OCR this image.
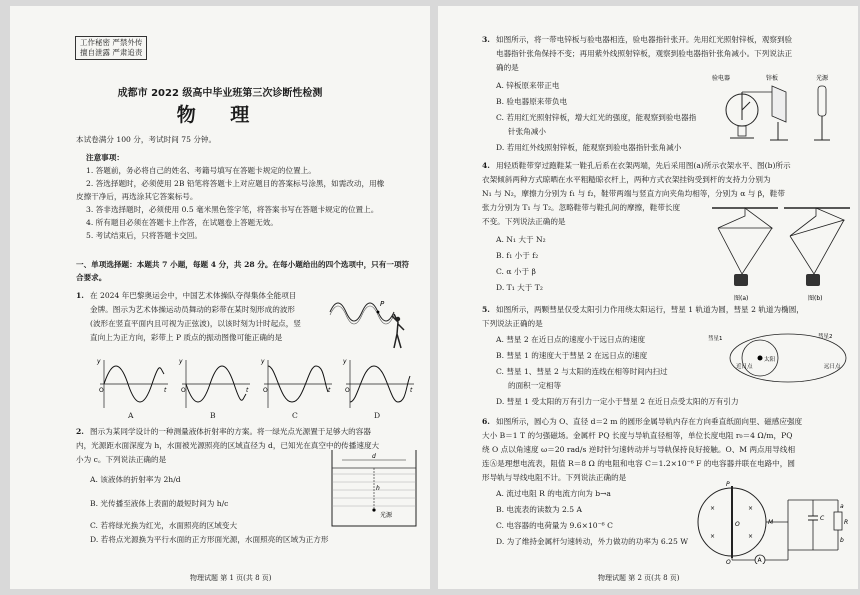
工作秘密 严禁外传
擅自泄露 严肃追责
成都市 2022 级高中毕业班第三次诊断性检测
物 理
本试卷满分 100 分，考试时间 75 分钟。
注意事项：
1. 答题前，务必将自己的姓名、考籍号填写在答题卡规定的位置上。
2. 答选择题时，必须使用 2B 铅笔将答题卡上对应题目的答案标号涂黑，如需改动，用橡
皮擦干净后，再选涂其它答案标号。
3. 答非选择题时，必须使用 0.5 毫米黑色签字笔，将答案书写在答题卡规定的位置上。
4. 所有题目必须在答题卡上作答，在试题卷上答题无效。
5. 考试结束后，只将答题卡交回。
一、单项选择题：本题共 7 小题，每题 4 分，共 28 分。在每小题给出的四个选项中，只有一项符
合要求。
1. 在 2024 年巴黎奥运会中，中国艺术体操队夺得集体全能项目
金牌。图示为艺术体操运动员舞动的彩带在某时刻形成的波形
(波形在竖直平面内且可视为正弦波)，以该时刻为计时起点，竖
直向上为正方向，彩带上 P 质点的振动图像可能正确的是
P
y
t
O
y
t
O
y
t
O
y
t
O
A	B	C	D
2. 图示为某同学设计的一种测量液体折射率的方案。将一绿光点光源置于足够大的容器
内，光源距水面深度为 h，水面被光源照亮的区域直径为 d，已知光在真空中的传播速度大
小为 c。下列说法正确的是
A. 该液体的折射率为 2h/d
B. 光传播至液体上表面的最短时间为 h/c
C. 若将绿光换为红光，水面照亮的区域变大
D. 若将点光源换为平行水面的正方形面光源，水面照亮的区域为正方形
d
h
光源
物理试题 第 1 页(共 8 页)
3. 如图所示，将一带电锌板与验电器相连，验电器指针张开。先用红光照射锌板，观察到验
电器指针张角保持不变；再用紫外线照射锌板，观察到验电器指针张角减小。下列说法正
确的是
A. 锌板原来带正电
B. 验电器原来带负电
C. 若用红光照射锌板，增大红光的强度，能观察到验电器指
针张角减小
D. 若用红外线照射锌板，能观察到验电器指针张角减小
验电器	锌板	光源
4. 用轻质鞋带穿过跑鞋某一鞋孔后系在衣架两端，先后采用图(a)所示衣架水平、图(b)所示
衣架倾斜两种方式晾晒在水平粗糙晾衣杆上，两种方式衣架挂钩受到杆的支持力分别为
N₁ 与 N₂，摩擦力分别为 f₁ 与 f₂，鞋带两端与竖直方向夹角均相等，分别为 α 与 β，鞋带
张力分别为 T₁ 与 T₂。忽略鞋带与鞋孔间的摩擦，鞋带长度
不变。下列说法正确的是
A. N₁ 大于 N₂
B. f₁ 小于 f₂
C. α 小于 β
D. T₁ 大于 T₂
图(a)	图(b)
5. 如图所示，两颗彗星仅受太阳引力作用绕太阳运行，彗星 1 轨道为圆，彗星 2 轨道为椭圆，
下列说法正确的是
A. 彗星 2 在近日点的速度小于远日点的速度
B. 彗星 1 的速度大于彗星 2 在远日点的速度
C. 彗星 1、彗星 2 与太阳的连线在相等时间内扫过
的面积一定相等
D. 彗星 1 受太阳的万有引力一定小于彗星 2 在近日点受太阳的万有引力
太阳
彗星1	彗星2
近日点	远日点
6. 如图所示，圆心为 O、直径 d＝2 m 的圆形金属导轨内存在方向垂直纸面向里、磁感应强度
大小 B＝1 T 的匀强磁场。金属杆 PQ 长度与导轨直径相等，单位长度电阻 r₀＝4 Ω/m，PQ
绕 O 点以角速度 ω＝20 rad/s 逆时针匀速转动并与导轨保持良好接触。O、M 两点用导线相
连Ⓐ是理想电流表，阻值 R＝8 Ω 的电阻和电容 C＝1.2×10⁻⁶ F 的电容器并联在电路中，圆
形导轨与导线电阻不计。下列说法正确的是
A. 流过电阻 R 的电流方向为 b→a
B. 电流表的读数为 2.5 A
C. 电容器的电荷量为 9.6×10⁻⁶ C
D. 为了维持金属杆匀速转动，外力做功的功率为 6.25 W
P
Q
O
×	×
×	×
M
C
R
a
b
A
物理试题 第 2 页(共 8 页)
